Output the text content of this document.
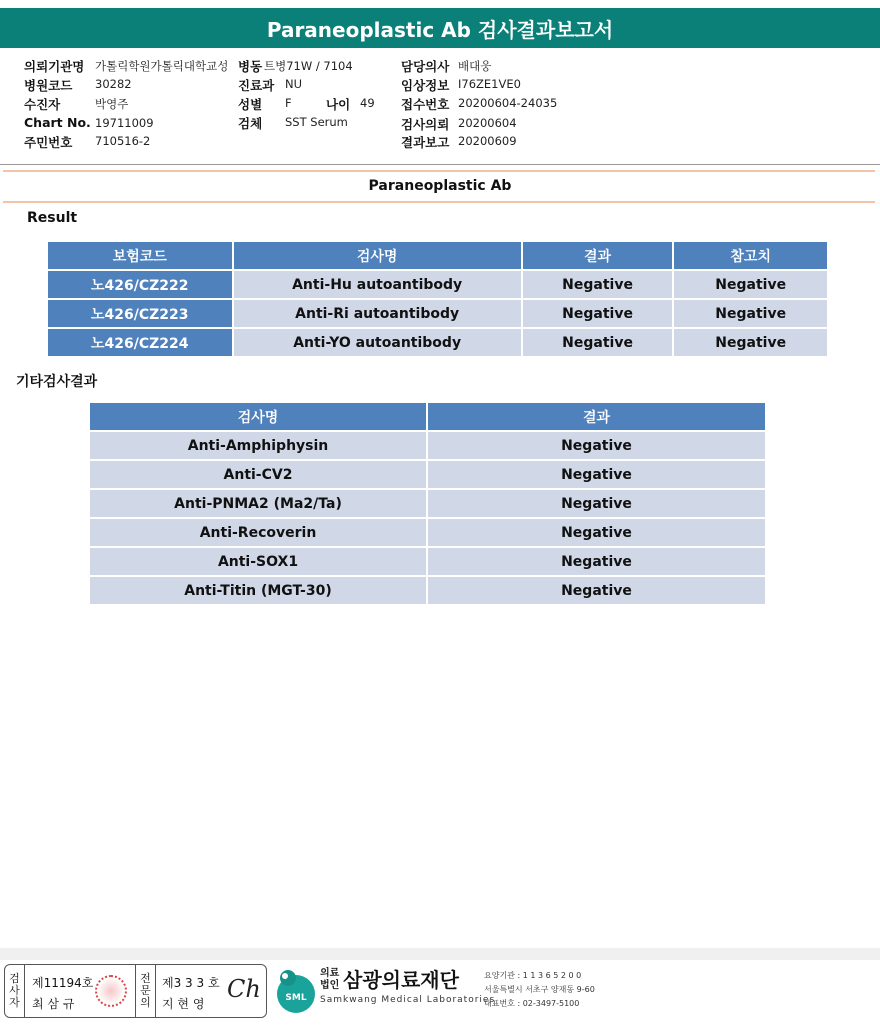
Paraneoplastic Ab 검사결과보고서
의뢰기관명 가톨릭학원가톨릭대학교성
병원코드 30282
수진자	박영주
Chart No. 19711009
주민번호 710516-2
병동 트병71W / 7104
진료과 NU
성별 F	나이 49
검체 SST Serum
담당의사 배대웅
임상정보 I76ZE1VE0
접수번호 20200604-24035
검사의뢰 20200604
결과보고 20200609
Paraneoplastic Ab
Result
보험코드	검사명	결과	참고치
노426/CZ222	Anti-Hu autoantibody	Negative	Negative
노426/CZ223	Anti-Ri autoantibody	Negative	Negative
노426/CZ224	Anti-YO autoantibody	Negative	Negative
기타검사결과
검사명	결과
Anti-Amphiphysin	Negative
Anti-CV2	Negative
Anti-PNMA2 (Ma2/Ta)	Negative
Anti-Recoverin	Negative
Anti-SOX1	Negative
Anti-Titin (MGT-30)	Negative
검
사
자
제11194호
최 삼 규
전
문
의
제3 3 3 호
지 현 영
Ch	SML
의료
법인 삼광의료재단
Samkwang Medical Laboratories
요양기관 : 1 1 3 6 5 2 0 0
서울특별시 서초구 양재동 9-60
대표번호 : 02-3497-5100
